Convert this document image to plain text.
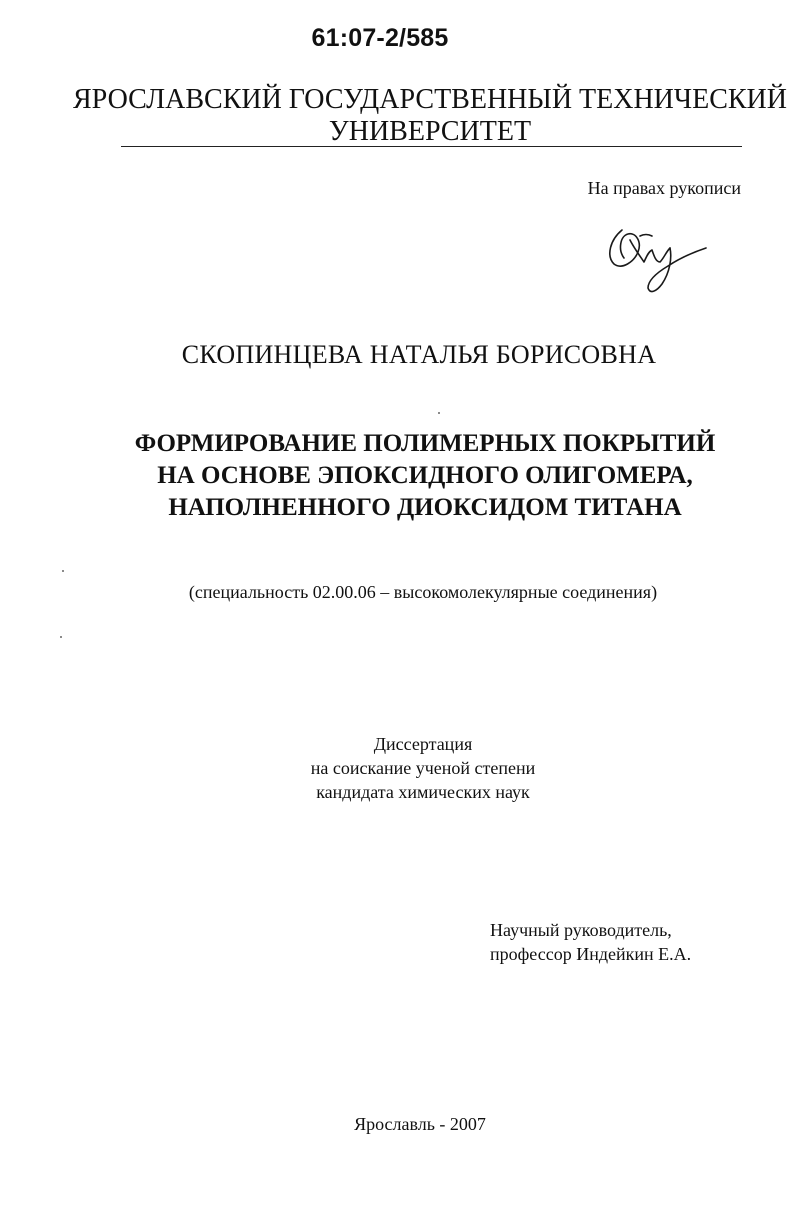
61:07-2/585
ЯРОСЛАВСКИЙ ГОСУДАРСТВЕННЫЙ ТЕХНИЧЕСКИЙ
УНИВЕРСИТЕТ
На правах рукописи
СКОПИНЦЕВА НАТАЛЬЯ БОРИСОВНА
ФОРМИРОВАНИЕ ПОЛИМЕРНЫХ ПОКРЫТИЙ
НА ОСНОВЕ ЭПОКСИДНОГО ОЛИГОМЕРА,
НАПОЛНЕННОГО ДИОКСИДОМ ТИТАНА
(специальность 02.00.06 – высокомолекулярные соединения)
Диссертация
на соискание ученой степени
кандидата химических наук
Научный руководитель,
профессор Индейкин Е.А.
Ярославль - 2007
